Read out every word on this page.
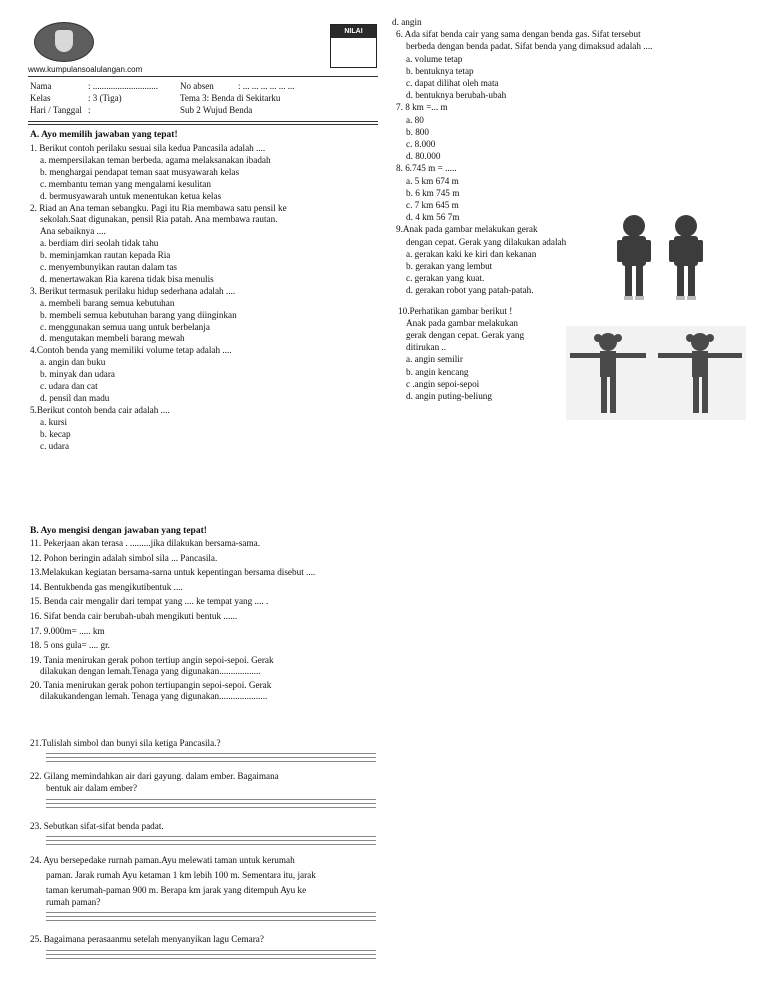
www.kumpulansoalulangan.com
NILAI
Nama	: ............................. No absen	: ... ... ... ... ... ...
Kelas	: 3 (Tiga)	Tema 3: Benda di Sekitarku
Hari / Tanggal :	Sub 2 Wujud Benda
A. Ayo memilih jawaban yang tepat!
1. Berikut contoh perilaku sesuai sila kedua Pancasila adalah ....
a. mempersilakan teman berbeda. agama melaksanakan ibadah
b. menghargai pendapat teman saat musyawarah kelas
c. membantu teman yang mengalami kesulitan
d. bermusyawarah untuk menentukan ketua kelas
2. Riad an Ana teman sebangku. Pagi itu Ria membawa satu pensil ke
sekolah.Saat digunakan, pensil Ria patah. Ana membawa rautan.
Ana sebaiknya ....
a. berdiam diri seolah tidak tahu
b. meminjamkan rautan kepada Ria
c. menyembunyikan rautan dalam tas
d. menertawakan Ria karena tidak bisa menulis
3. Berikut termasuk perilaku hidup sederhana adalah ....
a. membeli barang semua kebutuhan
b. membeli semua kebutuhan barang yang diinginkan
c. menggunakan semua uang untuk berbelanja
d. mengutakan membeli barang mewah
4.Contoh benda yang memiliki volume tetap adalah ....
a. angin dan buku
b. minyak dan udara
c. udara dan cat
d. pensil dan madu
5.Berikut contoh benda cair adalah ....
a. kursi
b. kecap
c. udara
d. angin
6. Ada sifat benda cair yang sama dengan benda gas. Sifat tersebut
berbeda dengan benda padat. Sifat benda yang dimaksud adalah ....
a. volume tetap
b. bentuknya tetap
c. dapat dilihat oleh mata
d. bentuknya berubah-ubah
7. 8 km =... m
a. 80
b. 800
c. 8.000
d. 80.000
8. 6.745 m = .....
a. 5 km 674 m
b. 6 km 745 m
c. 7 km 645 m
d. 4 km 56 7m
9.Anak pada gambar melakukan gerak
dengan cepat. Gerak yang dilakukan adalah
a. gerakan kaki ke kiri dan kekanan
b. gerakan yang lembut
c. gerakan yang kuat.
d. gerakan robot yang patah-patah.
10.Perhatikan gambar berikut !
Anak pada gambar melakukan
gerak dengan cepat. Gerak yang
ditirukan ..
a. angin semilir
b. angin kencang
c .angin sepoi-sepoi
d. angin puting-beliung
B. Ayo mengisi dengan jawaban yang tepat!
11. Pekerjaan akan terasa . .........jika dilakukan bersama-sama.
12. Pohon beringin adalah simbol sila ... Pancasila.
13.Melakukan kegiatan bersama-sarna untuk kepentingan bersama disebut ....
14. Bentukbenda gas mengikutibentuk ....
15. Benda cair mengalir dari tempat yang .... ke tempat yang .... .
16. Sifat benda cair berubah-ubah mengikuti bentuk ......
17. 9.000m= ..... km
18. 5 ons gula= .... gr.
19. Tania menirukan gerak pohon tertiup angin sepoi-sepoi. Gerak
dilakukan dengan lemah.Tenaga yang digunakan..................
20. Tania menirukan gerak pohon tertiupangin sepoi-sepoi. Gerak
dilakukandengan lemah. Tenaga yang digunakan.....................
21.Tulislah simbol dan bunyi sila ketiga Pancasila.?
22. Gilang memindahkan air dari gayung. dalam ember. Bagaimana
bentuk air dalam ember?
23. Sebutkan sifat-sifat benda padat.
24. Ayu bersepedake rurnah paman.Ayu melewati taman untuk kerumah
paman. Jarak rumah Ayu ketaman 1 km lebih 100 m. Sementara itu, jarak
taman kerumah-paman 900 m. Berapa km jarak yang ditempuh Ayu ke
rumah paman?
25. Bagaimana perasaanmu setelah menyanyikan lagu Cemara?
